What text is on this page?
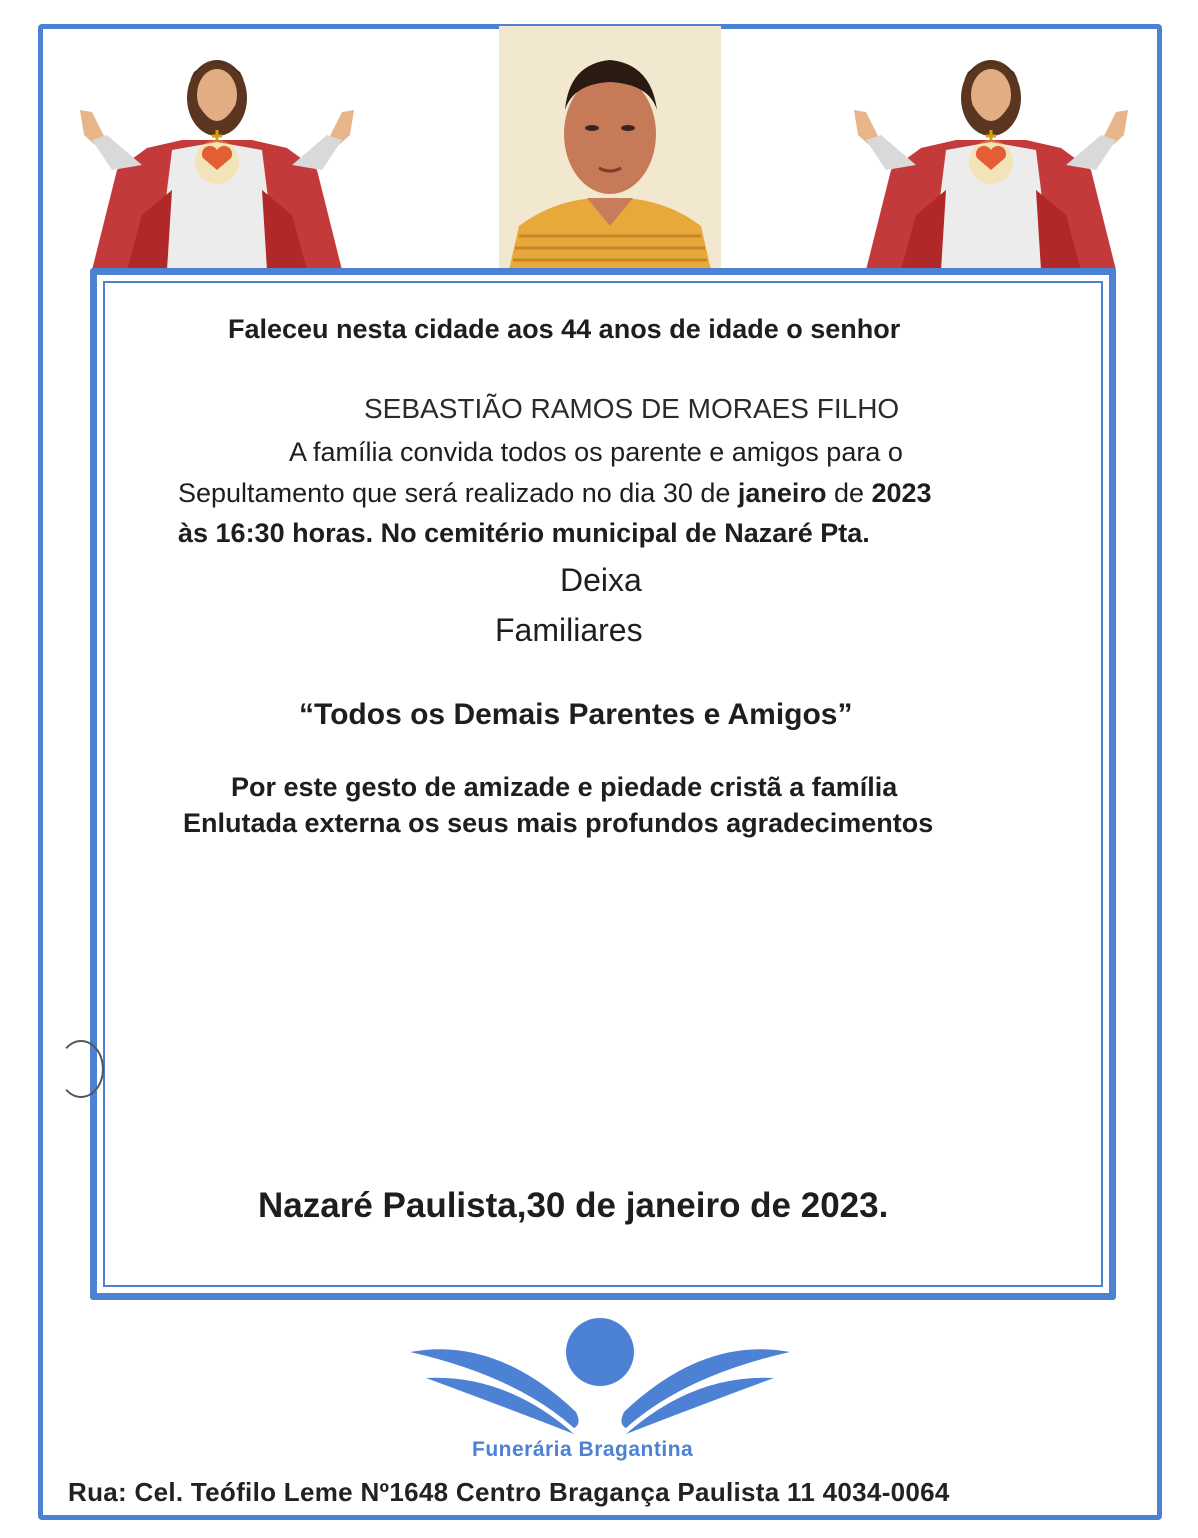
Faleceu nesta cidade aos 44 anos de idade o senhor
SEBASTIÃO RAMOS DE MORAES FILHO
A família convida todos os parente e amigos para o
Sepultamento que será realizado no dia 30 de janeiro de 2023
às 16:30 horas. No cemitério municipal de Nazaré Pta.
Deixa
Familiares
“Todos os Demais Parentes e Amigos”
Por este gesto de amizade e piedade cristã a família
Enlutada externa os seus mais profundos agradecimentos
Nazaré Paulista,30 de janeiro de 2023.
Funerária Bragantina
Rua: Cel. Teófilo Leme Nº1648 Centro Bragança Paulista 11 4034-0064
